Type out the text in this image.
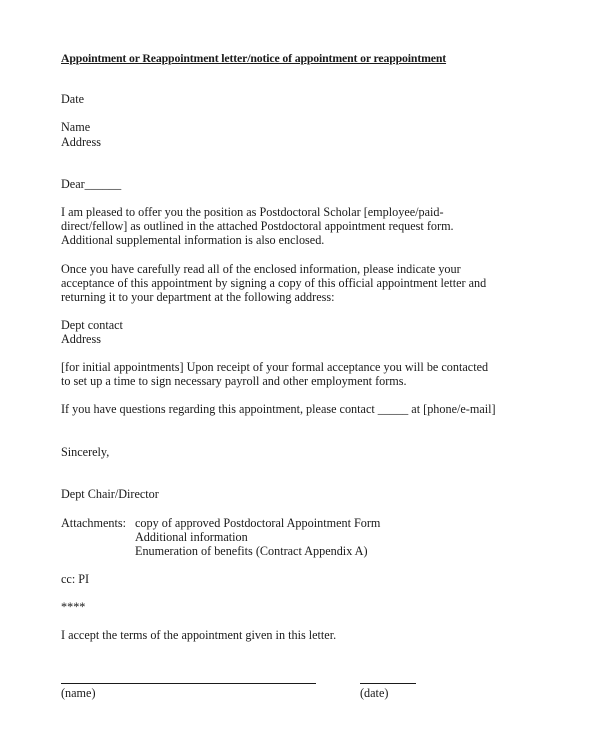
Appointment or Reappointment letter/notice of appointment or reappointment

Date

Name

Address

Dear______

I am pleased to offer you the position as Postdoctoral Scholar [employee/paid-

direct/fellow] as outlined in the attached Postdoctoral appointment request form.

Additional supplemental information is also enclosed.

Once you have carefully read all of the enclosed information, please indicate your

acceptance of this appointment by signing a copy of this official appointment letter and

returning it to your department at the following address:

Dept contact

Address

[for initial appointments] Upon receipt of your formal acceptance you will be contacted

to set up a time to sign necessary payroll and other employment forms.

If you have questions regarding this appointment, please contact _____ at [phone/e-mail]

Sincerely,

Dept Chair/Director

Attachments: copy of approved Postdoctoral Appointment Form

Additional information

Enumeration of benefits (Contract Appendix A)

cc: PI

****

I accept the terms of the appointment given in this letter.

(name)	(date)
